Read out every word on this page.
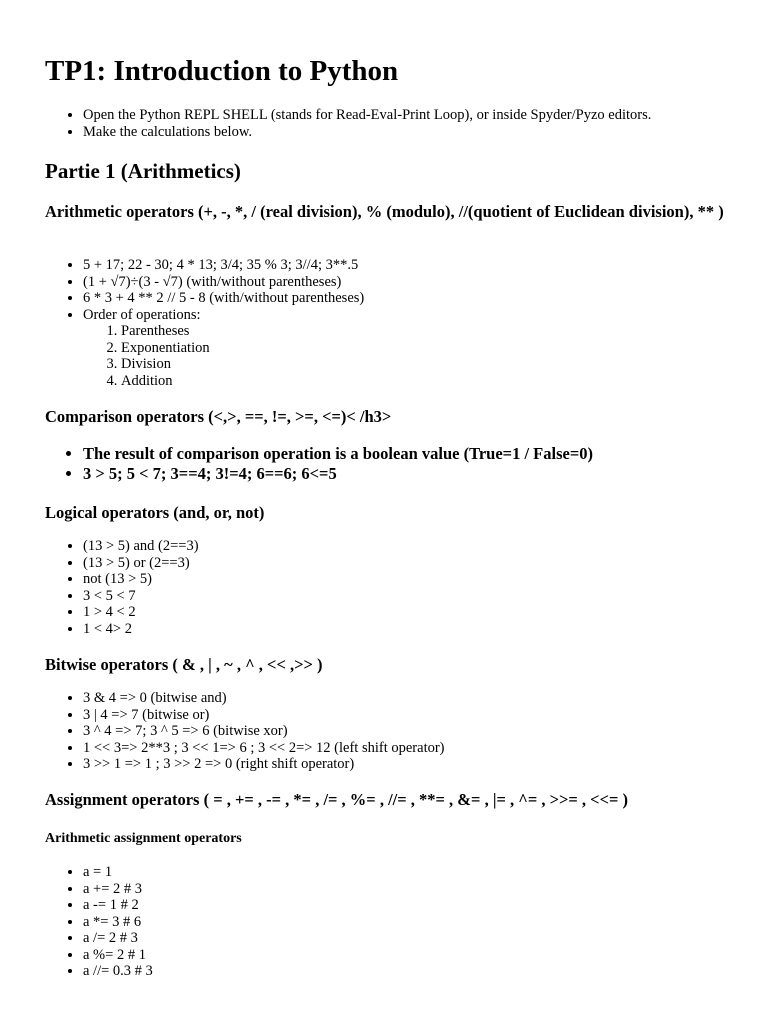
TP1: Introduction to Python
• Open the Python REPL SHELL (stands for Read-Eval-Print Loop), or inside Spyder/Pyzo editors.
• Make the calculations below.
Partie 1 (Arithmetics)
Arithmetic operators (+, -, *, / (real division), % (modulo), //(quotient of Euclidean division), ** )
• 5 + 17; 22 - 30; 4 * 13; 3/4; 35 % 3; 3//4; 3**.5
• (1 + √7)÷(3 - √7) (with/without parentheses)
• 6 * 3 + 4 ** 2 // 5 - 8 (with/without parentheses)
• Order of operations:
1. Parentheses
2. Exponentiation
3. Division
4. Addition
Comparison operators (<,>, ==, !=, >=, <=)< /h3>
• The result of comparison operation is a boolean value (True=1 / False=0)
• 3 > 5; 5 < 7; 3==4; 3!=4; 6==6; 6<=5
Logical operators (and, or, not)
• (13 > 5) and (2==3)
• (13 > 5) or (2==3)
• not (13 > 5)
• 3 < 5 < 7
• 1 > 4 < 2
• 1 < 4> 2
Bitwise operators ( & , | , ~ , ^ , << ,>> )
• 3 & 4 => 0 (bitwise and)
• 3 | 4 => 7 (bitwise or)
• 3 ^ 4 => 7; 3 ^ 5 => 6 (bitwise xor)
• 1 << 3=> 2**3 ; 3 << 1=> 6 ; 3 << 2=> 12 (left shift operator)
• 3 >> 1 => 1 ; 3 >> 2 => 0 (right shift operator)
Assignment operators ( = , += , -= , *= , /= , %= , //= , **= , &= , |= , ^= , >>= , <<= )
Arithmetic assignment operators
• a = 1
• a += 2 # 3
• a -= 1 # 2
• a *= 3 # 6
• a /= 2 # 3
• a %= 2 # 1
• a //= 0.3 # 3
